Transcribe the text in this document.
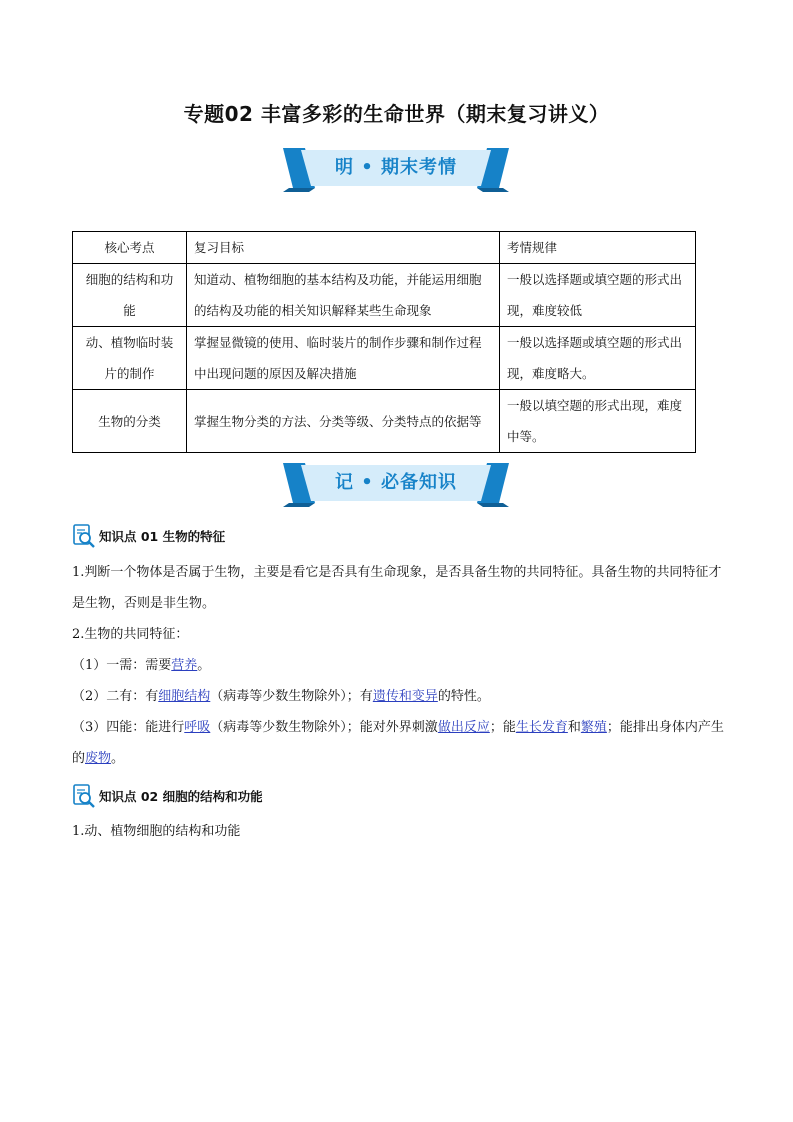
专题02 丰富多彩的生命世界（期末复习讲义）
明 • 期末考情
核心考点	复习目标	考情规律
细胞的结构和功能	知道动、植物细胞的基本结构及功能，并能运用细胞的结构及功能的相关知识解释某些生命现象	一般以选择题或填空题的形式出现，难度较低
动、植物临时装片的制作	掌握显微镜的使用、临时装片的制作步骤和制作过程中出现问题的原因及解决措施	一般以选择题或填空题的形式出现，难度略大。
生物的分类	掌握生物分类的方法、分类等级、分类特点的依据等	一般以填空题的形式出现，难度中等。
记 • 必备知识
知识点 01 生物的特征
1.判断一个物体是否属于生物，主要是看它是否具有生命现象，是否具备生物的共同特征。具备生物的共同特征才是生物，否则是非生物。
2.生物的共同特征：
（1）一需：需要营养。
（2）二有：有细胞结构（病毒等少数生物除外）；有遗传和变异的特性。
（3）四能：能进行呼吸（病毒等少数生物除外）；能对外界刺激做出反应；能生长发育和繁殖；能排出身体内产生的废物。
知识点 02 细胞的结构和功能
1.动、植物细胞的结构和功能
